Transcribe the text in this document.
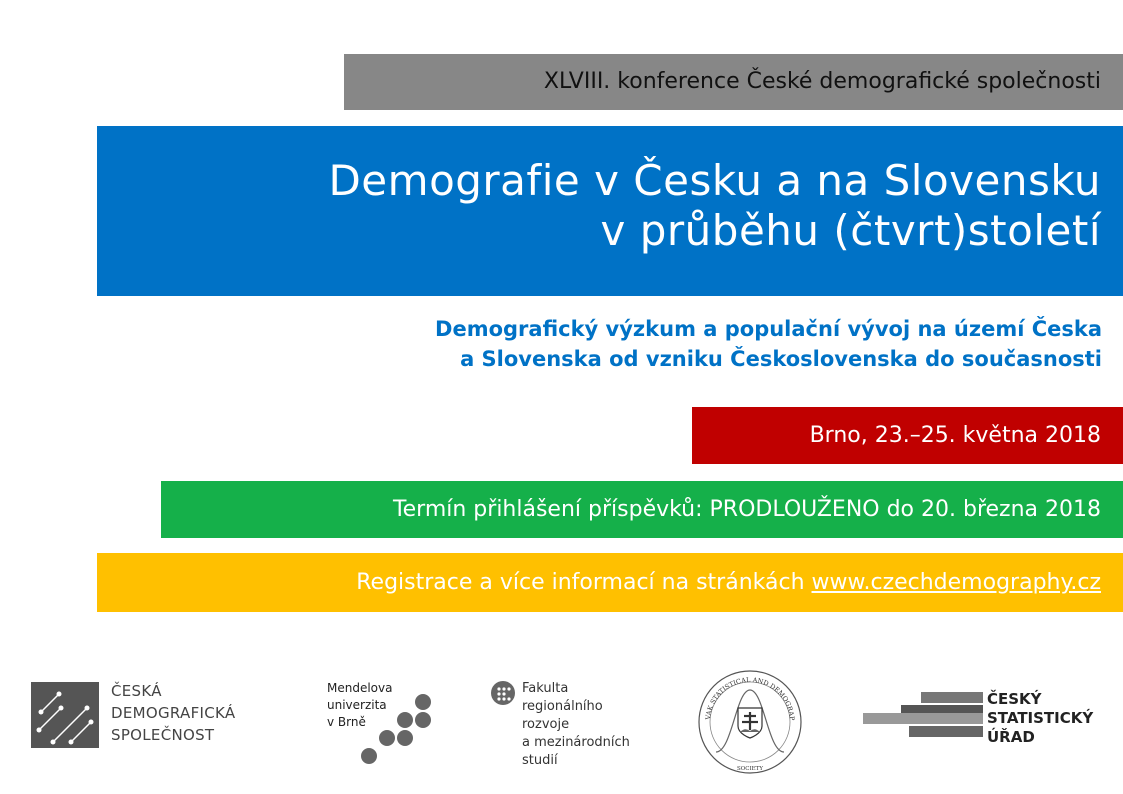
XLVIII. konference České demografické společnosti
Demografie v Česku a na Slovensku
v průběhu (čtvrt)století
Demografický výzkum a populační vývoj na území Česka
a Slovenska od vzniku Československa do současnosti
Brno, 23.–25. května 2018
Termín přihlášení příspěvků: PRODLOUŽENO do 20. března 2018
Registrace a více informací na stránkách www.czechdemography.cz
ČESKÁ
DEMOGRAFICKÁ
SPOLEČNOST
Mendelova
univerzita
v Brně
Fakulta
regionálního
rozvoje
a mezinárodních
studií
VAK STATISTICAL AND DEMOGRAP
SOCIETY
ČESKÝ
STATISTICKÝ
ÚŘAD
